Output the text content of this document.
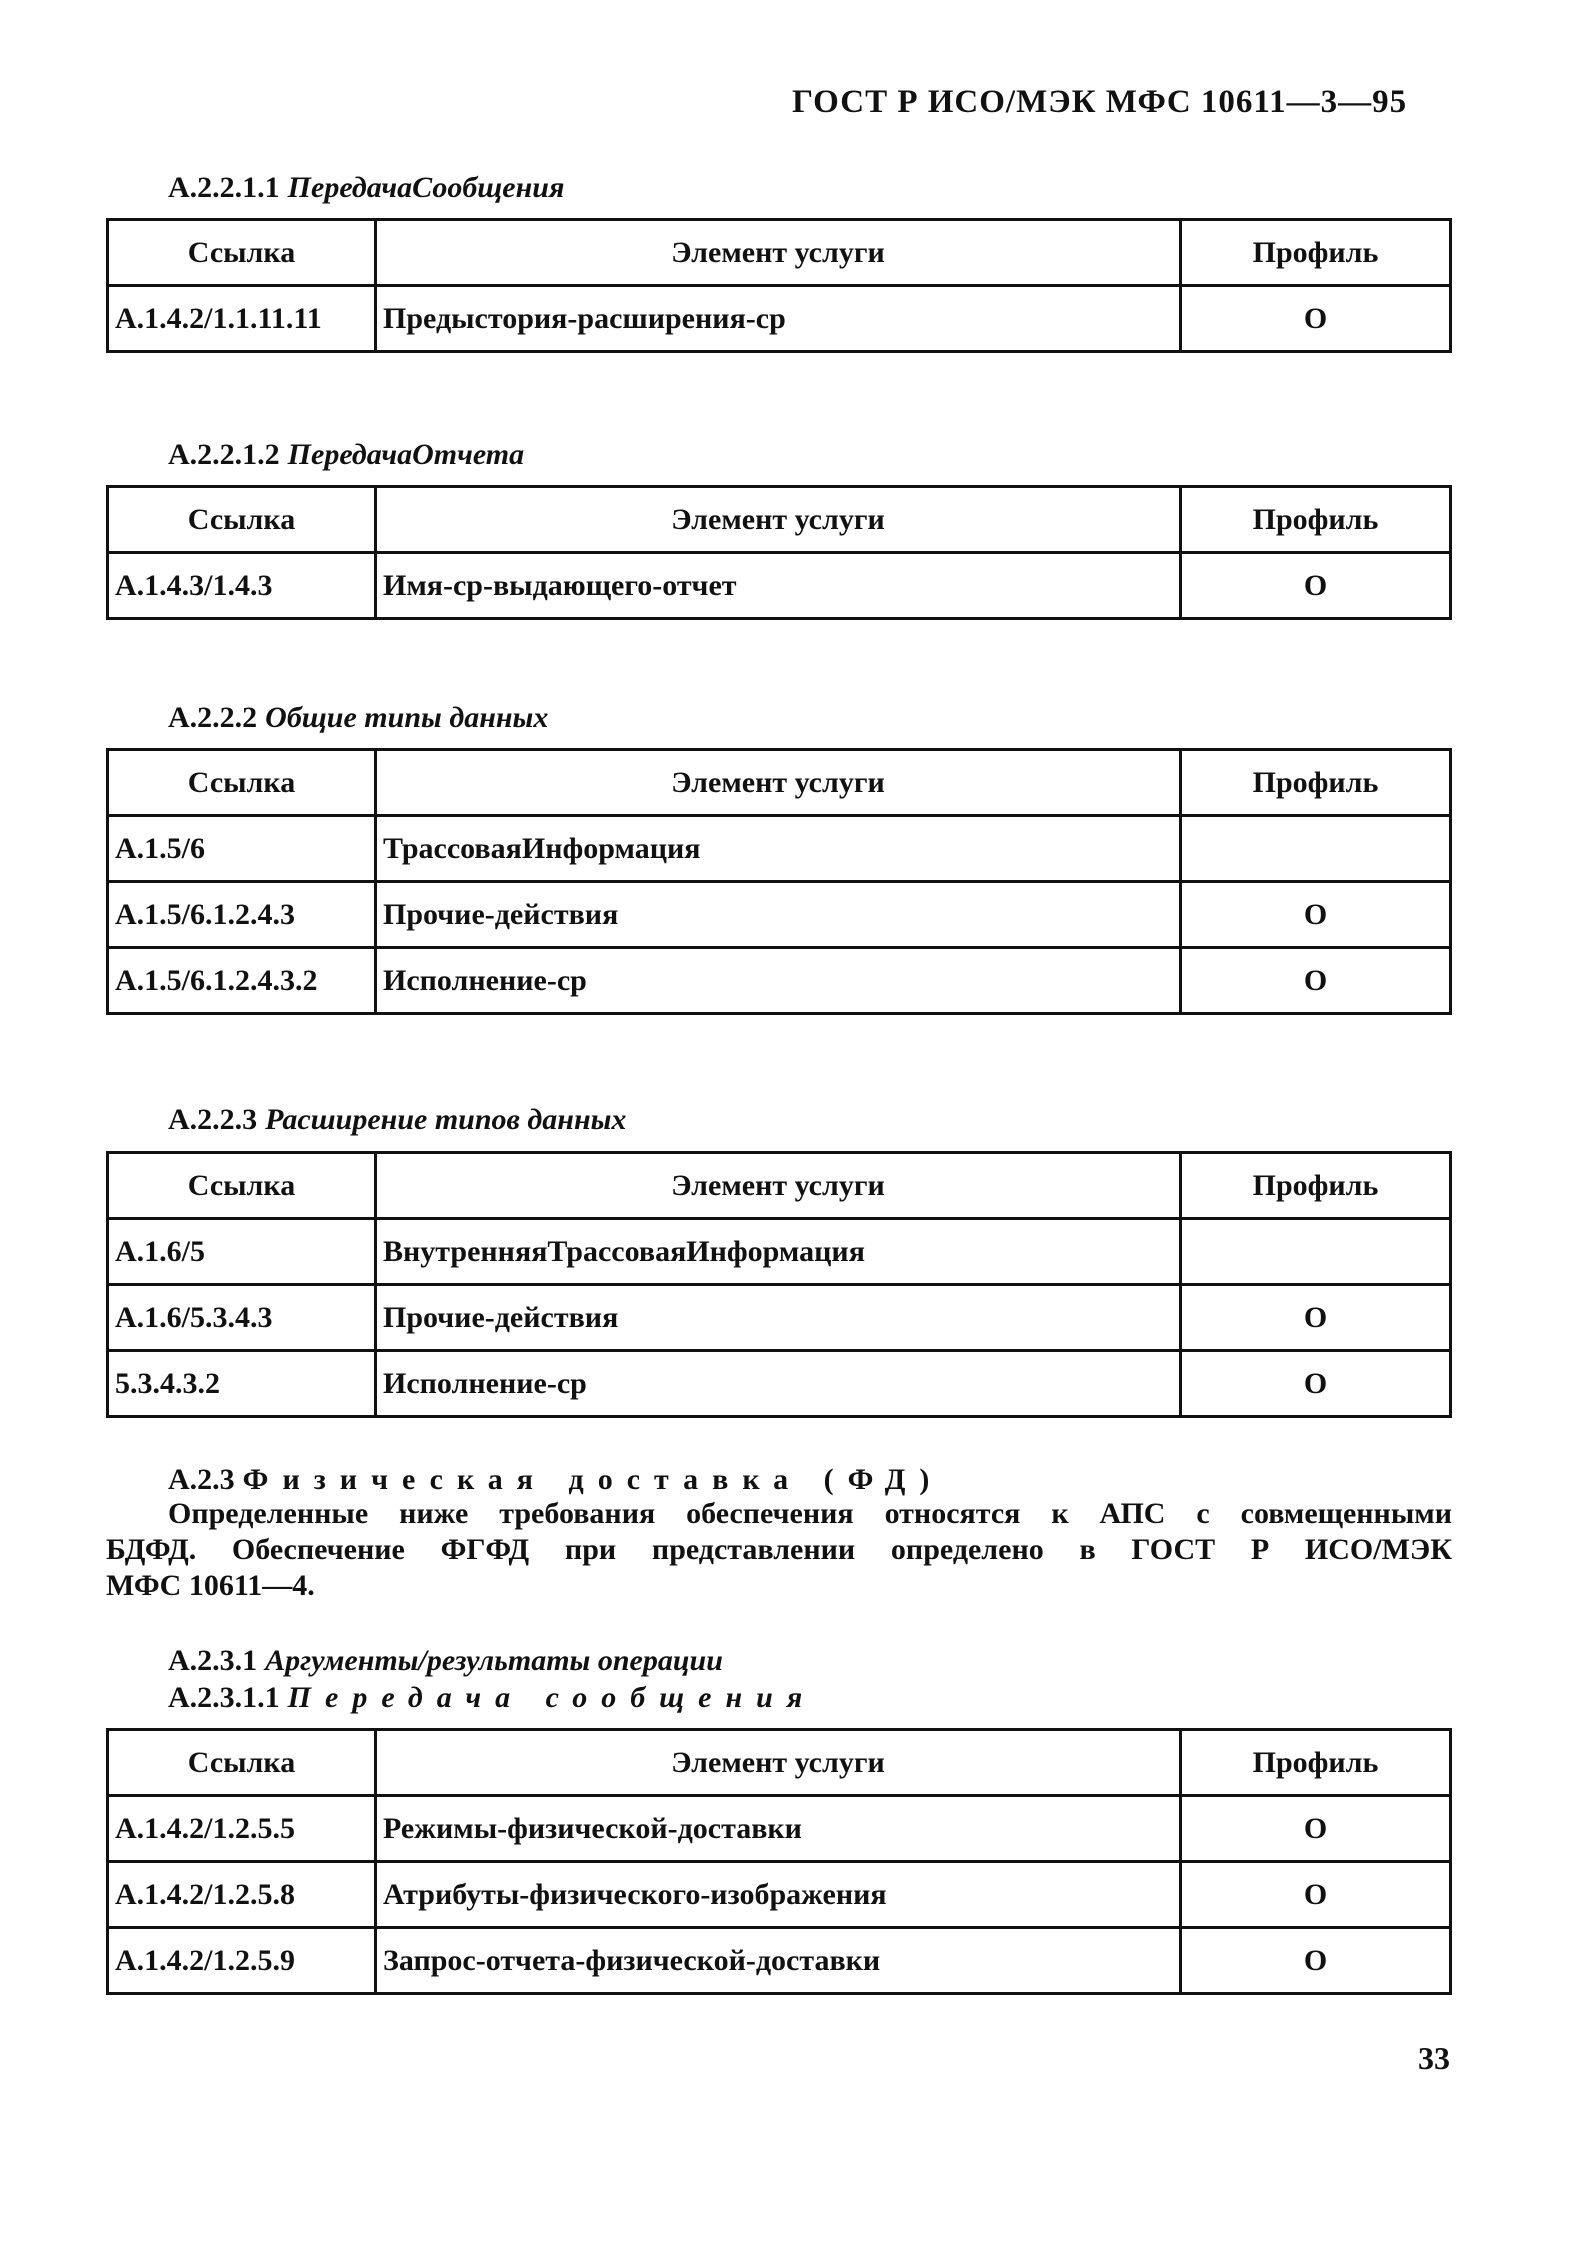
ГОСТ Р ИСО/МЭК МФС 10611—3—95
А.2.2.1.1 ПередачаСообщения
Ссылка	Элемент услуги	Профиль
А.1.4.2/1.1.11.11	Предыстория-расширения-ср	О
А.2.2.1.2 ПередачаОтчета
Ссылка	Элемент услуги	Профиль
А.1.4.3/1.4.3	Имя-ср-выдающего-отчет	О
А.2.2.2 Общие типы данных
Ссылка	Элемент услуги	Профиль
А.1.5/6	ТрассоваяИнформация	
А.1.5/6.1.2.4.3	Прочие-действия	О
А.1.5/6.1.2.4.3.2	Исполнение-ср	О
А.2.2.3 Расширение типов данных
Ссылка	Элемент услуги	Профиль
А.1.6/5	ВнутренняяТрассоваяИнформация	
А.1.6/5.3.4.3	Прочие-действия	О
5.3.4.3.2	Исполнение-ср	О
А.2.3 Физическая доставка (ФД)
Определенные ниже требования обеспечения относятся к АПС с совмещенными
БДФД. Обеспечение ФГФД при представлении определено в ГОСТ Р ИСО/МЭК
МФС 10611—4.
А.2.3.1 Аргументы/результаты операции
А.2.3.1.1 Передача сообщения
Ссылка	Элемент услуги	Профиль
А.1.4.2/1.2.5.5	Режимы-физической-доставки	О
А.1.4.2/1.2.5.8	Атрибуты-физического-изображения	О
А.1.4.2/1.2.5.9	Запрос-отчета-физической-доставки	О
33
